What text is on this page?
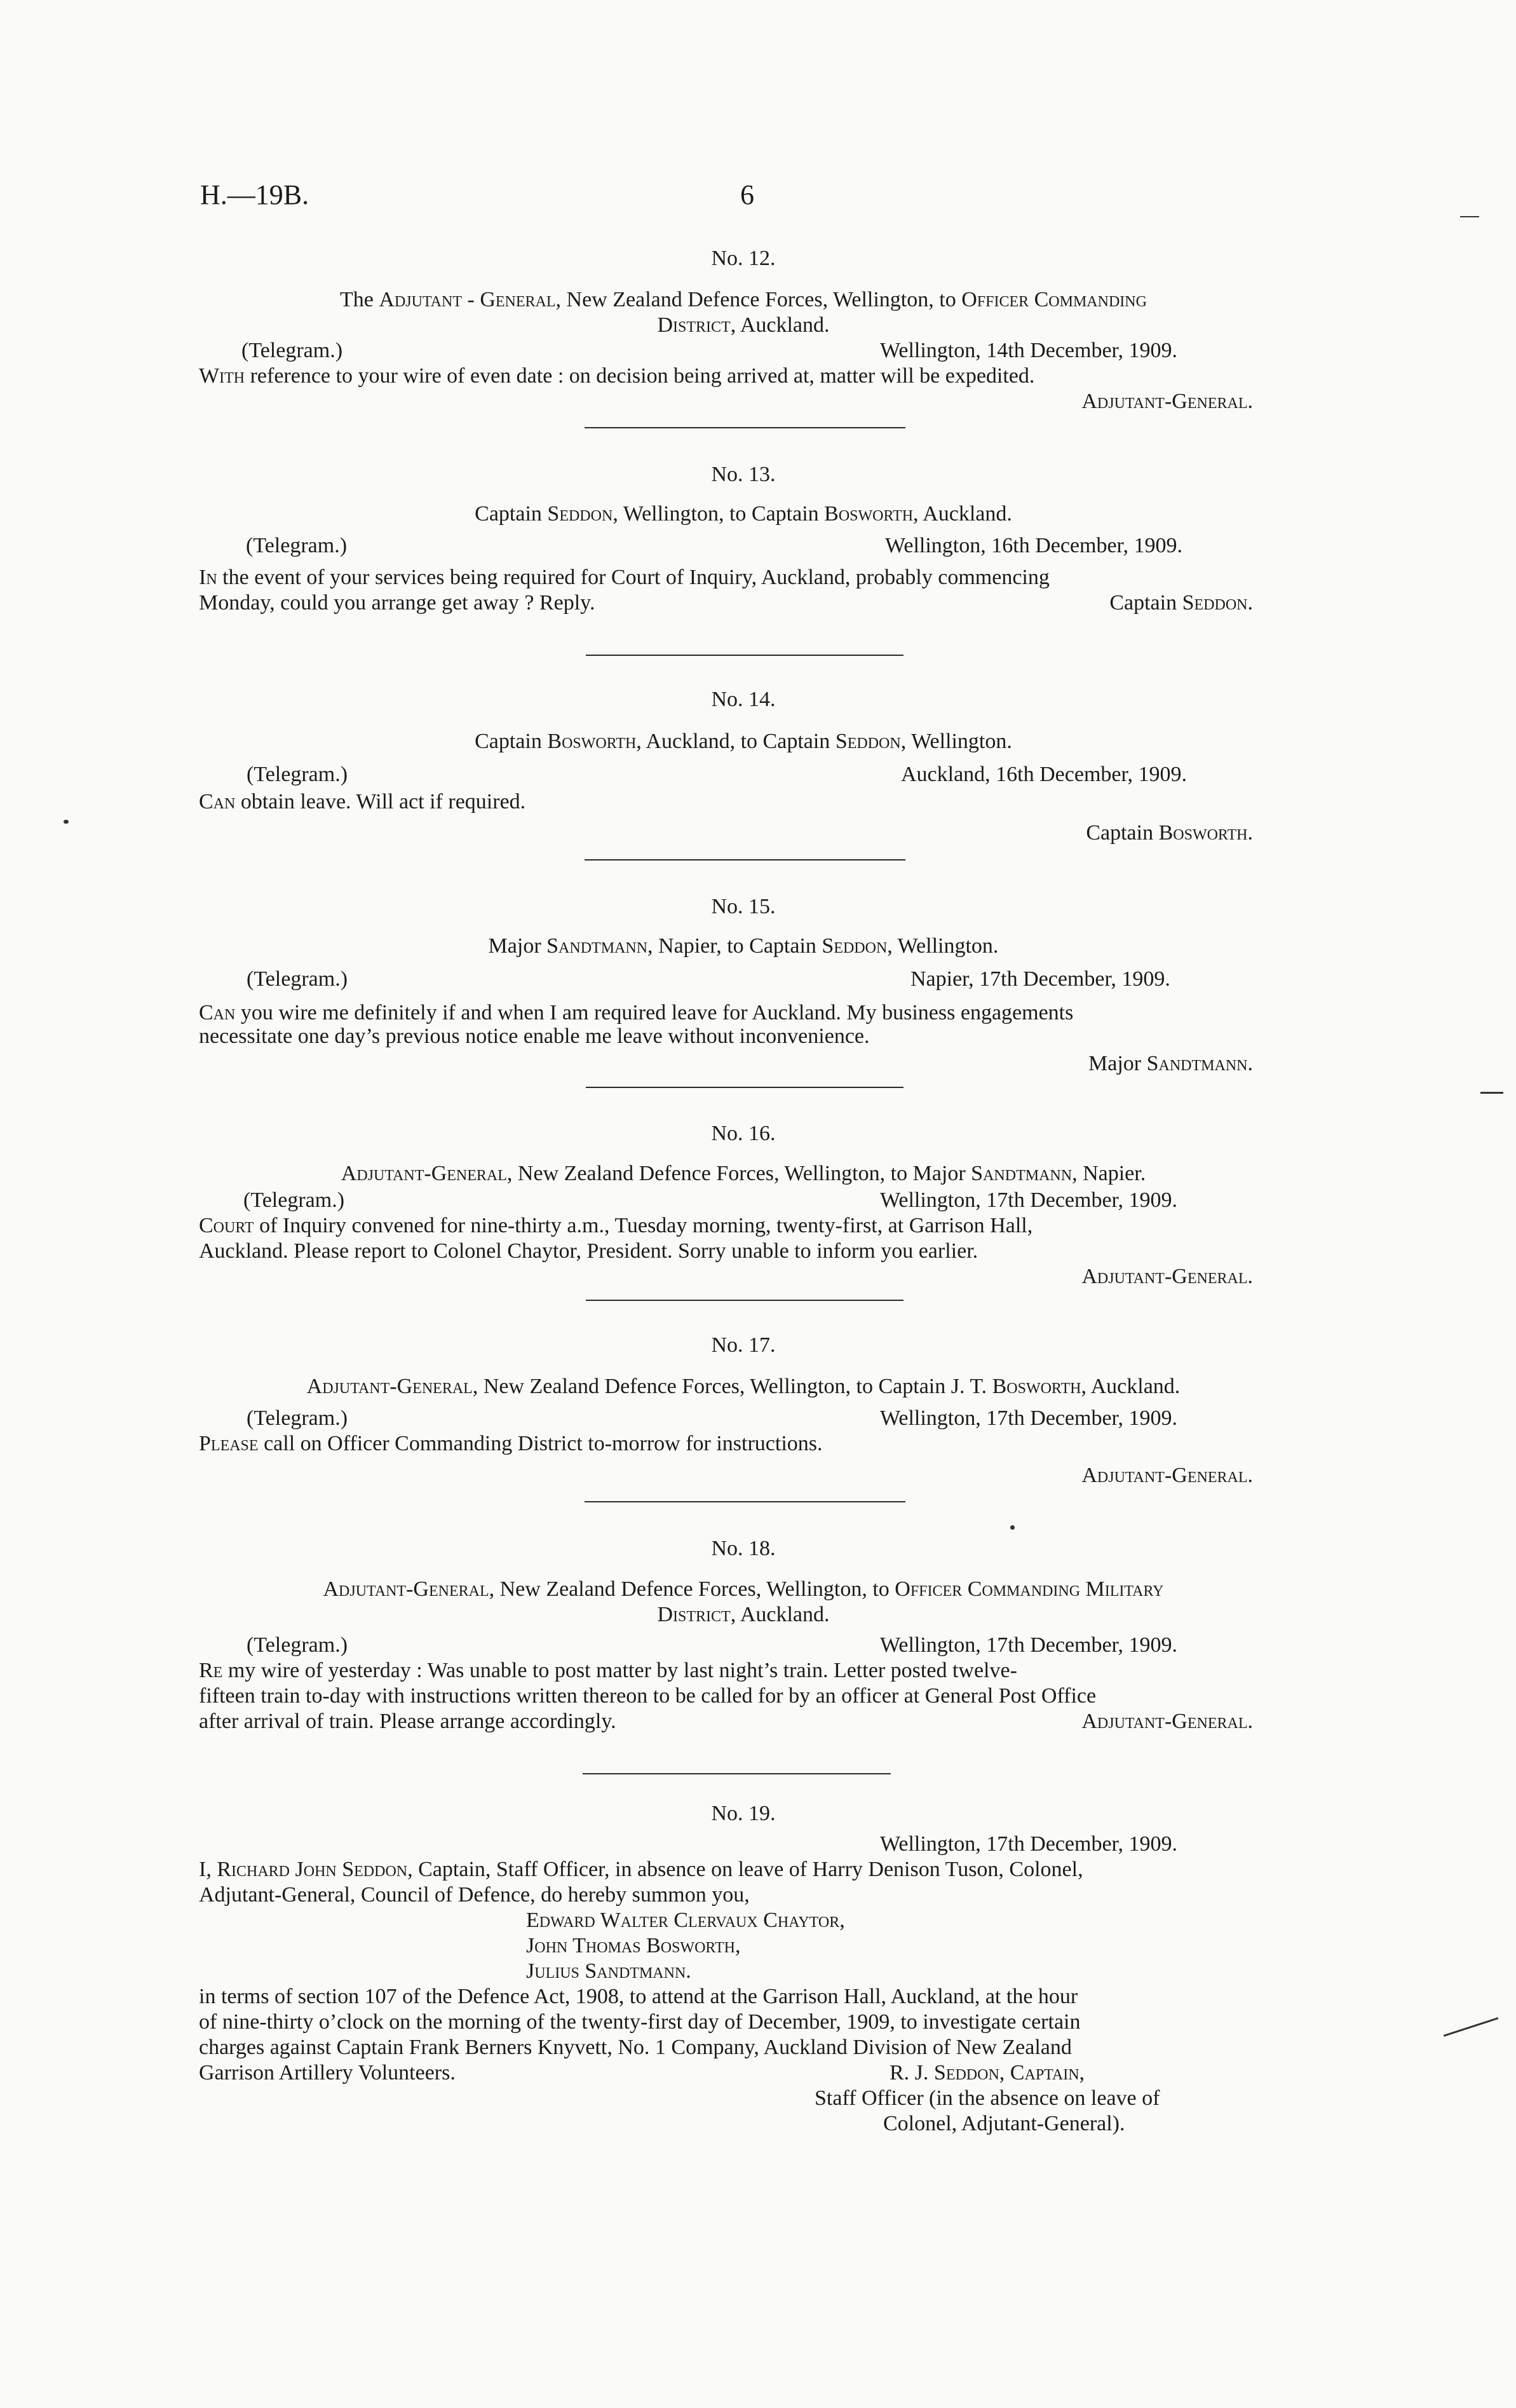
H.—19B.	6
No. 12.
The Adjutant - General, New Zealand Defence Forces, Wellington, to Officer Commanding
District, Auckland.
(Telegram.)	Wellington, 14th December, 1909.
With reference to your wire of even date : on decision being arrived at, matter will be expedited.
Adjutant-General.
No. 13.
Captain Seddon, Wellington, to Captain Bosworth, Auckland.
(Telegram.)	Wellington, 16th December, 1909.
In the event of your services being required for Court of Inquiry, Auckland, probably commencing
Monday, could you arrange get away ? Reply.	Captain Seddon.
No. 14.
Captain Bosworth, Auckland, to Captain Seddon, Wellington.
(Telegram.)	Auckland, 16th December, 1909.
Can obtain leave. Will act if required.
Captain Bosworth.
No. 15.
Major Sandtmann, Napier, to Captain Seddon, Wellington.
(Telegram.)	Napier, 17th December, 1909.
Can you wire me definitely if and when I am required leave for Auckland. My business engagements
necessitate one day’s previous notice enable me leave without inconvenience.
Major Sandtmann.
No. 16.
Adjutant-General, New Zealand Defence Forces, Wellington, to Major Sandtmann, Napier.
(Telegram.)	Wellington, 17th December, 1909.
Court of Inquiry convened for nine-thirty a.m., Tuesday morning, twenty-first, at Garrison Hall,
Auckland. Please report to Colonel Chaytor, President. Sorry unable to inform you earlier.
Adjutant-General.
No. 17.
Adjutant-General, New Zealand Defence Forces, Wellington, to Captain J. T. Bosworth, Auckland.
(Telegram.)	Wellington, 17th December, 1909.
Please call on Officer Commanding District to-morrow for instructions.
Adjutant-General.
No. 18.
Adjutant-General, New Zealand Defence Forces, Wellington, to Officer Commanding Military
District, Auckland.
(Telegram.)	Wellington, 17th December, 1909.
Re my wire of yesterday : Was unable to post matter by last night’s train. Letter posted twelve-
fifteen train to-day with instructions written thereon to be called for by an officer at General Post Office
after arrival of train. Please arrange accordingly.	Adjutant-General.
No. 19.
Wellington, 17th December, 1909.
I, Richard John Seddon, Captain, Staff Officer, in absence on leave of Harry Denison Tuson, Colonel,
Adjutant-General, Council of Defence, do hereby summon you,
Edward Walter Clervaux Chaytor,
John Thomas Bosworth,
Julius Sandtmann.
in terms of section 107 of the Defence Act, 1908, to attend at the Garrison Hall, Auckland, at the hour
of nine-thirty o’clock on the morning of the twenty-first day of December, 1909, to investigate certain
charges against Captain Frank Berners Knyvett, No. 1 Company, Auckland Division of New Zealand
Garrison Artillery Volunteers.	R. J. Seddon, Captain,
Staff Officer (in the absence on leave of
Colonel, Adjutant-General).
